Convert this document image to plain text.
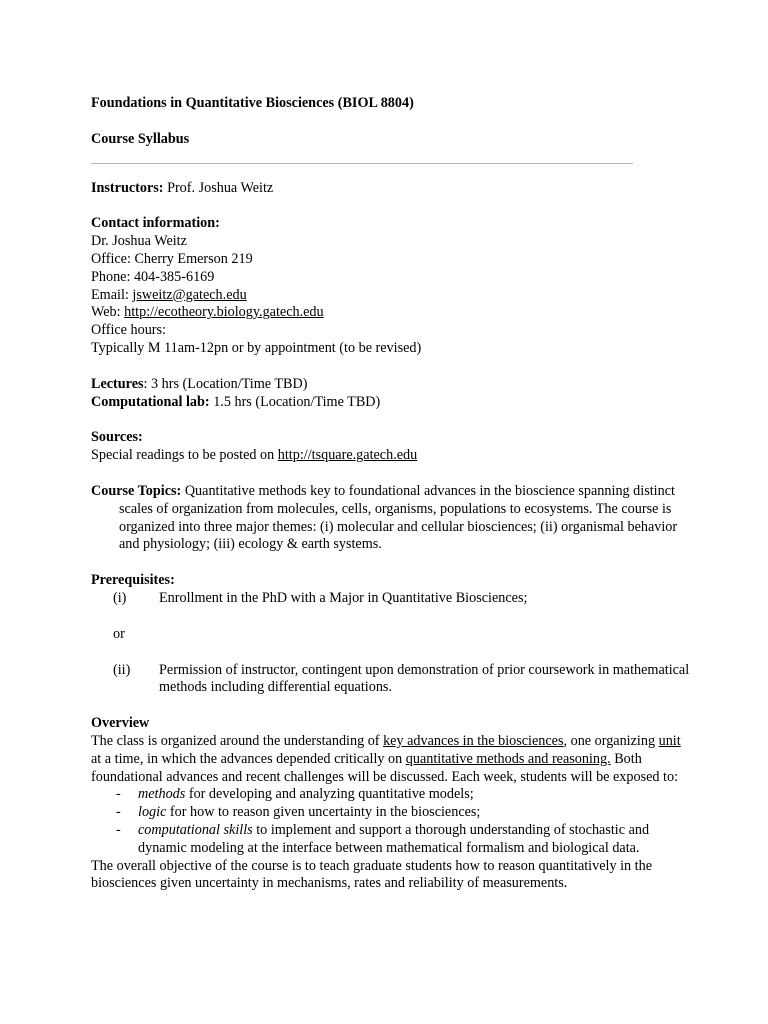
Foundations in Quantitative Biosciences (BIOL 8804)

Course Syllabus

Instructors: Prof. Joshua Weitz

Contact information:

Dr. Joshua Weitz

Office: Cherry Emerson 219

Phone: 404-385-6169

Email: jsweitz@gatech.edu

Web: http://ecotheory.biology.gatech.edu

Office hours:

Typically M 11am-12pn or by appointment (to be revised)

Lectures: 3 hrs (Location/Time TBD)

Computational lab: 1.5 hrs (Location/Time TBD)

Sources:

Special readings to be posted on http://tsquare.gatech.edu

Course Topics: Quantitative methods key to foundational advances in the bioscience spanning distinct scales of organization from molecules, cells, organisms, populations to ecosystems. The course is organized into three major themes: (i) molecular and cellular biosciences; (ii) organismal behavior and physiology; (iii) ecology & earth systems.

Prerequisites:

(i) Enrollment in the PhD with a Major in Quantitative Biosciences;

or

(ii) Permission of instructor, contingent upon demonstration of prior coursework in mathematical methods including differential equations.

Overview

The class is organized around the understanding of key advances in the biosciences, one organizing unit at a time, in which the advances depended critically on quantitative methods and reasoning. Both foundational advances and recent challenges will be discussed. Each week, students will be exposed to:

- methods for developing and analyzing quantitative models;

- logic for how to reason given uncertainty in the biosciences;

- computational skills to implement and support a thorough understanding of stochastic and dynamic modeling at the interface between mathematical formalism and biological data.

The overall objective of the course is to teach graduate students how to reason quantitatively in the biosciences given uncertainty in mechanisms, rates and reliability of measurements.
